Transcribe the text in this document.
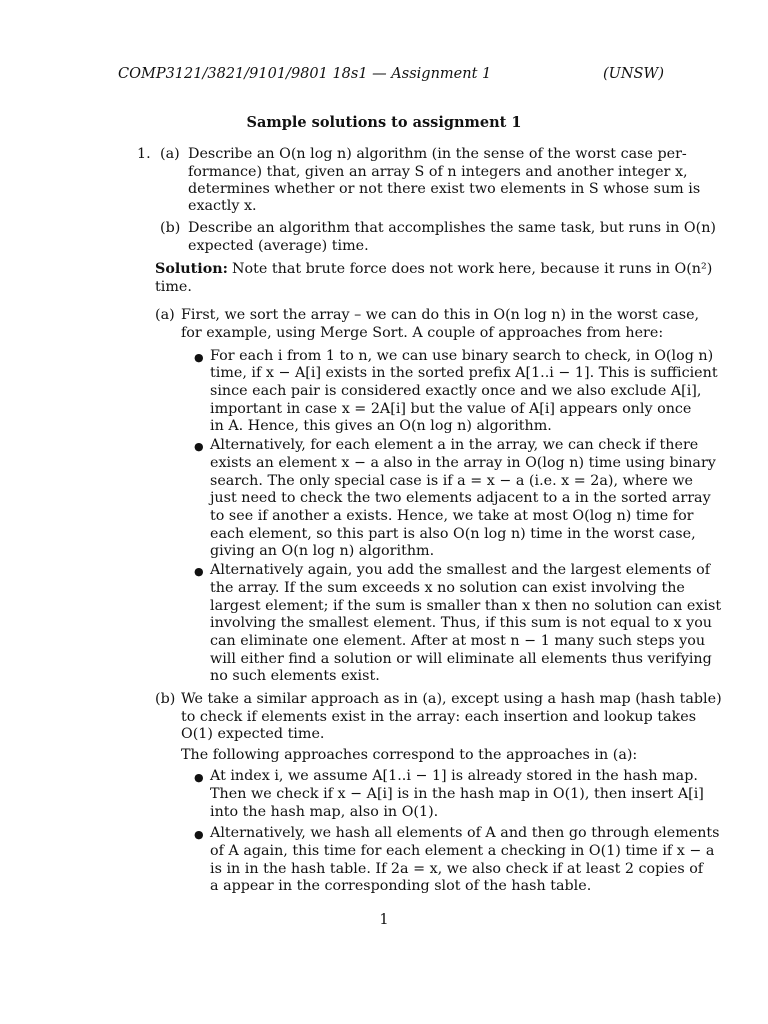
COMP3121/3821/9101/9801 18s1 — Assignment 1	(UNSW)
Sample solutions to assignment 1
1. (a) Describe an O(n log n) algorithm (in the sense of the worst case per-
formance) that, given an array S of n integers and another integer x,
determines whether or not there exist two elements in S whose sum is
exactly x.
(b) Describe an algorithm that accomplishes the same task, but runs in O(n)
expected (average) time.
Solution: Note that brute force does not work here, because it runs in O(n²)
time.
(a) First, we sort the array – we can do this in O(n log n) in the worst case,
for example, using Merge Sort. A couple of approaches from here:
● For each i from 1 to n, we can use binary search to check, in O(log n)
time, if x − A[i] exists in the sorted prefix A[1..i − 1]. This is sufficient
since each pair is considered exactly once and we also exclude A[i],
important in case x = 2A[i] but the value of A[i] appears only once
in A. Hence, this gives an O(n log n) algorithm.
● Alternatively, for each element a in the array, we can check if there
exists an element x − a also in the array in O(log n) time using binary
search. The only special case is if a = x − a (i.e. x = 2a), where we
just need to check the two elements adjacent to a in the sorted array
to see if another a exists. Hence, we take at most O(log n) time for
each element, so this part is also O(n log n) time in the worst case,
giving an O(n log n) algorithm.
● Alternatively again, you add the smallest and the largest elements of
the array. If the sum exceeds x no solution can exist involving the
largest element; if the sum is smaller than x then no solution can exist
involving the smallest element. Thus, if this sum is not equal to x you
can eliminate one element. After at most n − 1 many such steps you
will either find a solution or will eliminate all elements thus verifying
no such elements exist.
(b) We take a similar approach as in (a), except using a hash map (hash table)
to check if elements exist in the array: each insertion and lookup takes
O(1) expected time.
The following approaches correspond to the approaches in (a):
● At index i, we assume A[1..i − 1] is already stored in the hash map.
Then we check if x − A[i] is in the hash map in O(1), then insert A[i]
into the hash map, also in O(1).
● Alternatively, we hash all elements of A and then go through elements
of A again, this time for each element a checking in O(1) time if x − a
is in in the hash table. If 2a = x, we also check if at least 2 copies of
a appear in the corresponding slot of the hash table.
1
